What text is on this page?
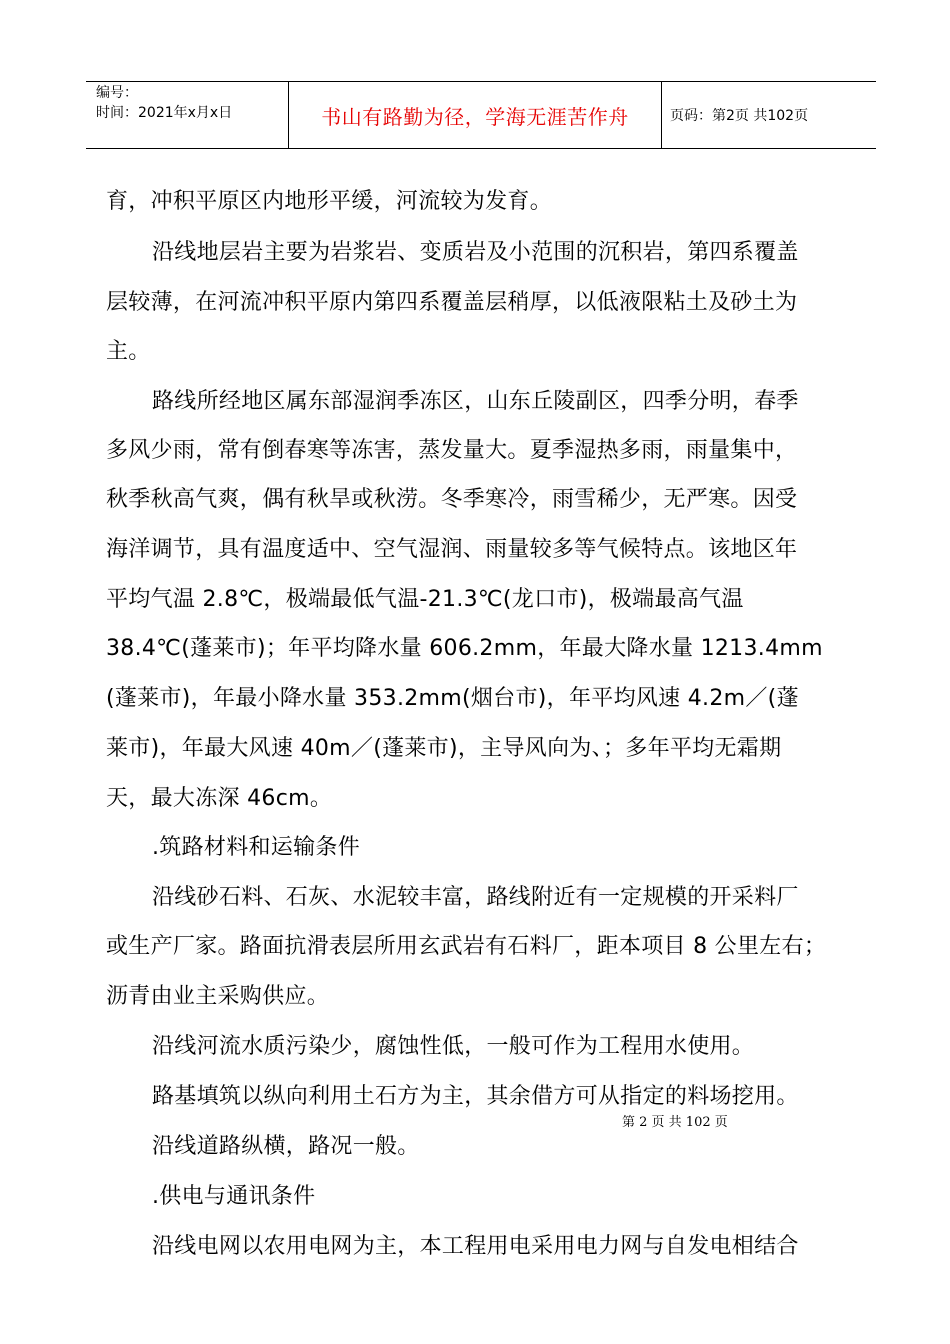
编号：
时间：2021年x月x日	书山有路勤为径，学海无涯苦作舟	页码：第2页 共102页
育，冲积平原区内地形平缓，河流较为发育。
沿线地层岩主要为岩浆岩、变质岩及小范围的沉积岩，第四系覆盖
层较薄，在河流冲积平原内第四系覆盖层稍厚，以低液限粘土及砂土为
主。
路线所经地区属东部湿润季冻区，山东丘陵副区，四季分明，春季
多风少雨，常有倒春寒等冻害，蒸发量大。夏季湿热多雨，雨量集中，
秋季秋高气爽，偶有秋旱或秋涝。冬季寒冷，雨雪稀少，无严寒。因受
海洋调节，具有温度适中、空气湿润、雨量较多等气候特点。该地区年
平均气温 2.8℃，极端最低气温-21.3℃(龙口市)，极端最高气温
38.4℃(蓬莱市)；年平均降水量 606.2mm，年最大降水量 1213.4mm
(蓬莱市)，年最小降水量 353.2mm(烟台市)，年平均风速 4.2m／(蓬
莱市)，年最大风速 40m／(蓬莱市)，主导风向为、；多年平均无霜期
天，最大冻深 46cm。
.筑路材料和运输条件
沿线砂石料、石灰、水泥较丰富，路线附近有一定规模的开采料厂
或生产厂家。路面抗滑表层所用玄武岩有石料厂，距本项目 8 公里左右；
沥青由业主采购供应。
沿线河流水质污染少，腐蚀性低，一般可作为工程用水使用。
路基填筑以纵向利用土石方为主，其余借方可从指定的料场挖用。
沿线道路纵横，路况一般。
.供电与通讯条件
沿线电网以农用电网为主，本工程用电采用电力网与自发电相结合
第 2 页 共 102 页
